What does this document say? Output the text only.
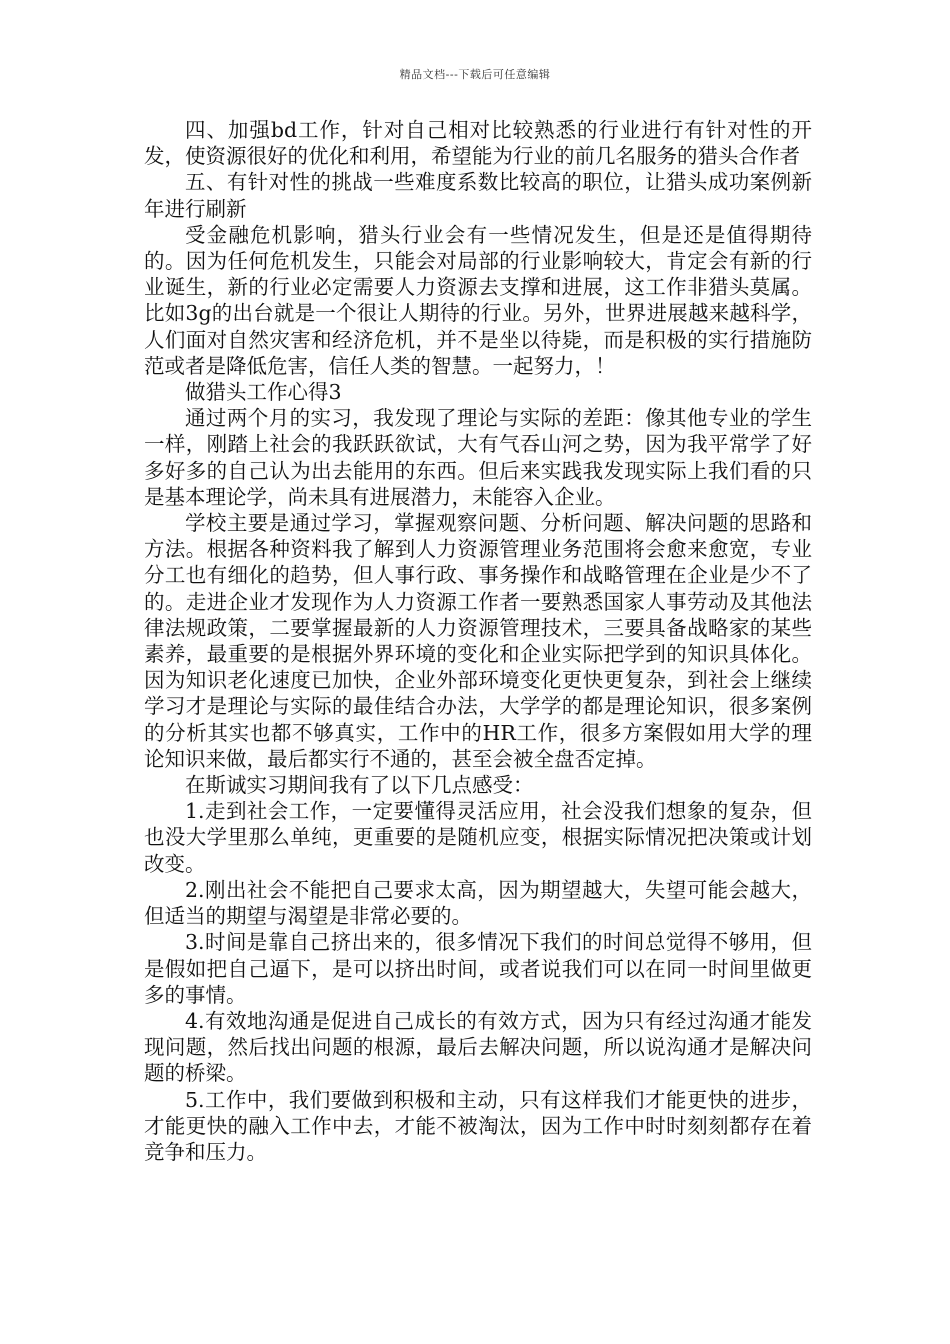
精品文档---下载后可任意编辑

四、加强bd工作，针对自己相对比较熟悉的行业进行有针对性的开发，使资源很好的优化和利用，希望能为行业的前几名服务的猎头合作者

五、有针对性的挑战一些难度系数比较高的职位，让猎头成功案例新年进行刷新

受金融危机影响，猎头行业会有一些情况发生，但是还是值得期待的。因为任何危机发生，只能会对局部的行业影响较大，肯定会有新的行业诞生，新的行业必定需要人力资源去支撑和进展，这工作非猎头莫属。比如3g的出台就是一个很让人期待的行业。另外，世界进展越来越科学，人们面对自然灾害和经济危机，并不是坐以待毙，而是积极的实行措施防范或者是降低危害，信任人类的智慧。一起努力，！

做猎头工作心得3

通过两个月的实习，我发现了理论与实际的差距：像其他专业的学生一样，刚踏上社会的我跃跃欲试，大有气吞山河之势，因为我平常学了好多好多的自己认为出去能用的东西。但后来实践我发现实际上我们看的只是基本理论学，尚未具有进展潜力，未能容入企业。

学校主要是通过学习，掌握观察问题、分析问题、解决问题的思路和方法。根据各种资料我了解到人力资源管理业务范围将会愈来愈宽，专业分工也有细化的趋势，但人事行政、事务操作和战略管理在企业是少不了的。走进企业才发现作为人力资源工作者一要熟悉国家人事劳动及其他法律法规政策，二要掌握最新的人力资源管理技术，三要具备战略家的某些素养，最重要的是根据外界环境的变化和企业实际把学到的知识具体化。因为知识老化速度已加快，企业外部环境变化更快更复杂，到社会上继续学习才是理论与实际的最佳结合办法，大学学的都是理论知识，很多案例的分析其实也都不够真实，工作中的HR工作，很多方案假如用大学的理论知识来做，最后都实行不通的，甚至会被全盘否定掉。

在斯诚实习期间我有了以下几点感受：

1.走到社会工作，一定要懂得灵活应用，社会没我们想象的复杂，但也没大学里那么单纯，更重要的是随机应变，根据实际情况把决策或计划改变。

2.刚出社会不能把自己要求太高，因为期望越大，失望可能会越大，但适当的期望与渴望是非常必要的。

3.时间是靠自己挤出来的，很多情况下我们的时间总觉得不够用，但是假如把自己逼下，是可以挤出时间，或者说我们可以在同一时间里做更多的事情。

4.有效地沟通是促进自己成长的有效方式，因为只有经过沟通才能发现问题，然后找出问题的根源，最后去解决问题，所以说沟通才是解决问题的桥梁。

5.工作中，我们要做到积极和主动，只有这样我们才能更快的进步，才能更快的融入工作中去，才能不被淘汰，因为工作中时时刻刻都存在着竞争和压力。
